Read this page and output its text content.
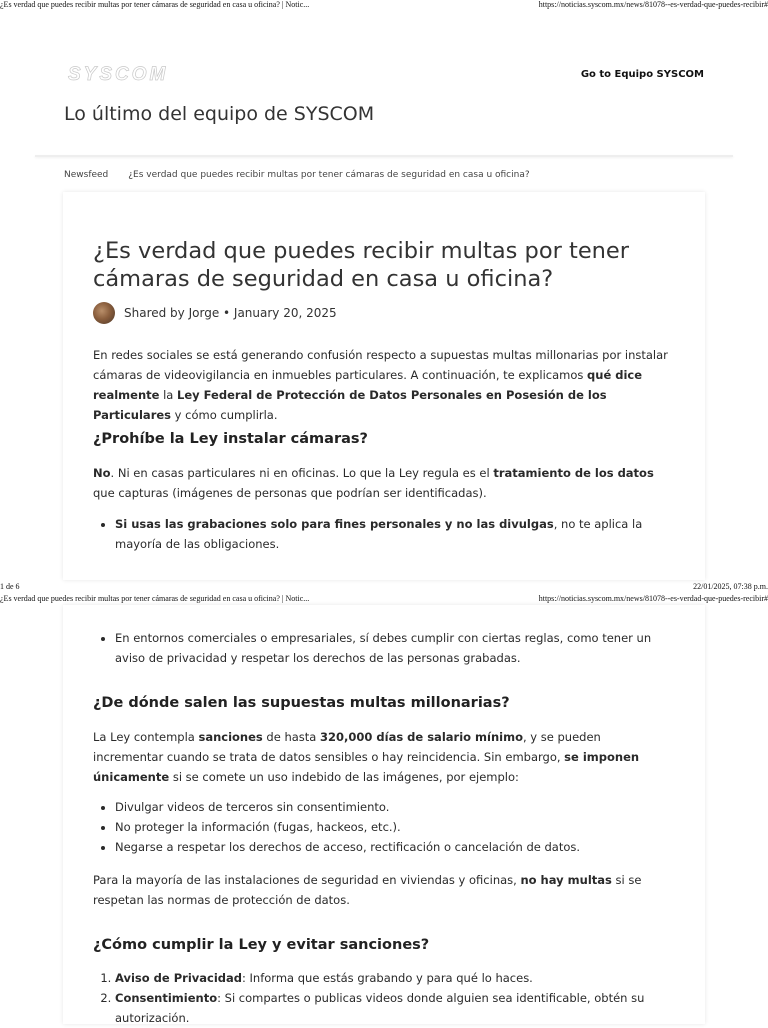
¿Es verdad que puedes recibir multas por tener cámaras de seguridad en casa u oficina? | Notic...	https://noticias.syscom.mx/news/81078--es-verdad-que-puedes-recibir#
SYSCOM	Go to Equipo SYSCOM
Lo último del equipo de SYSCOM
Newsfeed ¿Es verdad que puedes recibir multas por tener cámaras de seguridad en casa u oficina?
¿Es verdad que puedes recibir multas por tener cámaras de seguridad en casa u oficina?
Shared by Jorge • January 20, 2025

En redes sociales se está generando confusión respecto a supuestas multas millonarias por instalar cámaras de videovigilancia en inmuebles particulares. A continuación, te explicamos qué dice realmente la Ley Federal de Protección de Datos Personales en Posesión de los Particulares y cómo cumplirla.

¿Prohíbe la Ley instalar cámaras?

No. Ni en casas particulares ni en oficinas. Lo que la Ley regula es el tratamiento de los datos que capturas (imágenes de personas que podrían ser identificadas).

• Si usas las grabaciones solo para fines personales y no las divulgas, no te aplica la mayoría de las obligaciones.
1 de 6	22/01/2025, 07:38 p.m.
¿Es verdad que puedes recibir multas por tener cámaras de seguridad en casa u oficina? | Notic...	https://noticias.syscom.mx/news/81078--es-verdad-que-puedes-recibir#
• En entornos comerciales o empresariales, sí debes cumplir con ciertas reglas, como tener un aviso de privacidad y respetar los derechos de las personas grabadas.
¿De dónde salen las supuestas multas millonarias?

La Ley contempla sanciones de hasta 320,000 días de salario mínimo, y se pueden incrementar cuando se trata de datos sensibles o hay reincidencia. Sin embargo, se imponen únicamente si se comete un uso indebido de las imágenes, por ejemplo:

• Divulgar videos de terceros sin consentimiento.
• No proteger la información (fugas, hackeos, etc.).
• Negarse a respetar los derechos de acceso, rectificación o cancelación de datos.

Para la mayoría de las instalaciones de seguridad en viviendas y oficinas, no hay multas si se respetan las normas de protección de datos.

¿Cómo cumplir la Ley y evitar sanciones?
1. Aviso de Privacidad: Informa que estás grabando y para qué lo haces.
2. Consentimiento: Si compartes o publicas videos donde alguien sea identificable, obtén su autorización.
